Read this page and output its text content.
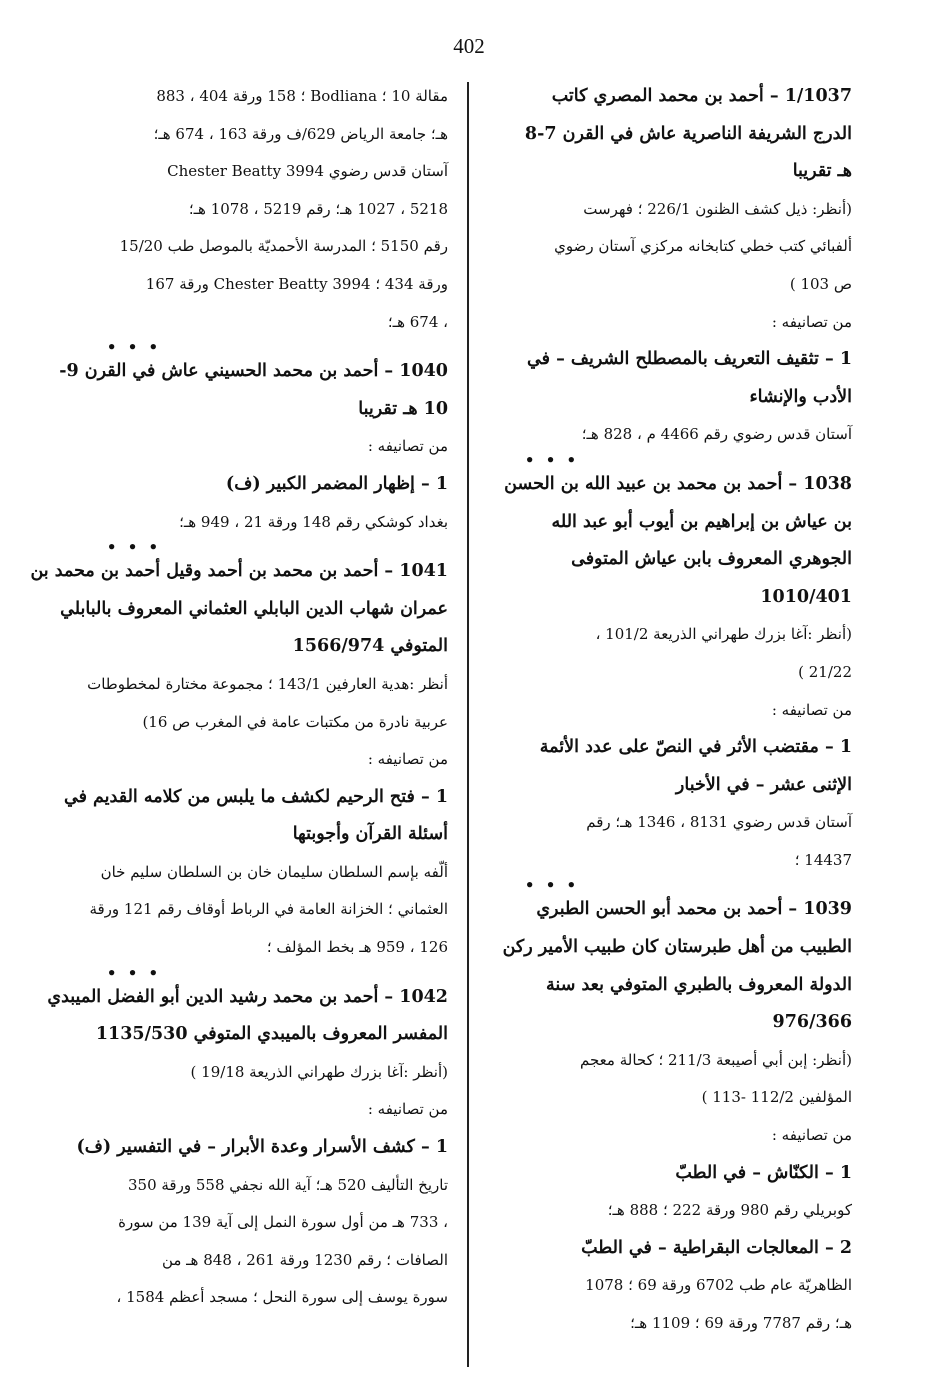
402
1/1037 – أحمد بن محمد المصري كاتب
الدرج الشريفة الناصرية عاش في القرن 7-8
هـ تقريبا
(أنظر: ذيل كشف الظنون 226/1 ؛ فهرست
ألفبائي كتب خطي كتابخانه مركزي آستان رضوي
ص 103 )
من تصانيفه :
1 – تثقيف التعريف بالمصطلح الشريف – في
الأدب والإنشاء
آستان قدس رضوي رقم 4466 م ، 828 هـ؛
• • •
1038 – أحمد بن محمد بن عبيد الله بن الحسن
بن عياش بن إبراهيم بن أيوب أبو عبد الله
الجوهري المعروف بابن عياش المتوفى
1010/401
(أنظر :آغا بزرك طهراني الذريعة 101/2 ،
21/22 )
من تصانيفه :
1 – مقتضب الأثر في النصّ على عدد الأئمة
الإثنى عشر – في الأخبار
آستان قدس رضوي 8131 ، 1346 هـ؛ رقم
14437 ؛
• • •
1039 – أحمد بن محمد أبو الحسن الطبري
الطبيب من أهل طبرستان كان طبيب الأمير ركن
الدولة المعروف بالطبري المتوفي بعد سنة
976/366
(أنظر: إبن أبي أصيبعة 211/3 ؛ كحالة معجم
المؤلفين 112/2 -113 )
من تصانيفه :
1 – الكنّاش – في الطبّ
كوبريلي رقم 980 ورقة 222 ؛ 888 هـ؛
2 – المعالجات البقراطية – في الطبّ
الظاهريّة عام طب 6702 ورقة 69 ؛ 1078
هـ؛ رقم 7787 ورقة 69 ؛ 1109 هـ؛
مقالة 10 ؛ Bodliana ؛ 158 ورقة 404 ، 883
هـ؛ جامعة الرياض 629/ف ورقة 163 ، 674 هـ؛
آستان قدس رضوي 3994 Chester Beatty
5218 ، 1027 هـ؛ رقم 5219 ، 1078 هـ؛
رقم 5150 ؛ المدرسة الأحمديّة بالموصل طب 15/20
ورقة 434 ؛ 3994 Chester Beatty ورقة 167
، 674 هـ؛
• • •
1040 – أحمد بن محمد الحسيني عاش في القرن 9-
10 هـ تقريبا
من تصانيفه :
1 – إظهار المضمر الكبير (ف)
بغداد كوشكي رقم 148 ورقة 21 ، 949 هـ؛
• • •
1041 – أحمد بن محمد بن أحمد وقيل أحمد بن محمد بن
عمران شهاب الدين البابلي العثماني المعروف بالبابلي
المتوفي 1566/974
أنظر :هدية العارفين 143/1 ؛ مجموعة مختارة لمخطوطات
عربية نادرة من مكتبات عامة في المغرب ص 16)
من تصانيفه :
1 – فتح الرحيم لكشف ما يلبس من كلامه القديم في
أسئلة القرآن وأجوبتها
ألّفه بإسم السلطان سليمان خان بن السلطان سليم خان
العثماني ؛ الخزانة العامة في الرباط أوقاف رقم 121 ورقة
126 ، 959 هـ بخط المؤلف ؛
• • •
1042 – أحمد بن محمد رشيد الدين أبو الفضل الميبدي
المفسر المعروف بالميبدي المتوفي 1135/530
(أنظر :آغا بزرك طهراني الذريعة 19/18 )
من تصانيفه :
1 – كشف الأسرار وعدة الأبرار – في التفسير (ف)
تاريخ التأليف 520 هـ؛ آية الله نجفي 558 ورقة 350
، 733 هـ من أول سورة النمل إلى آية 139 من سورة
الصافات ؛ رقم 1230 ورقة 261 ، 848 هـ من
سورة يوسف إلى سورة النحل ؛ مسجد أعظم 1584 ،
